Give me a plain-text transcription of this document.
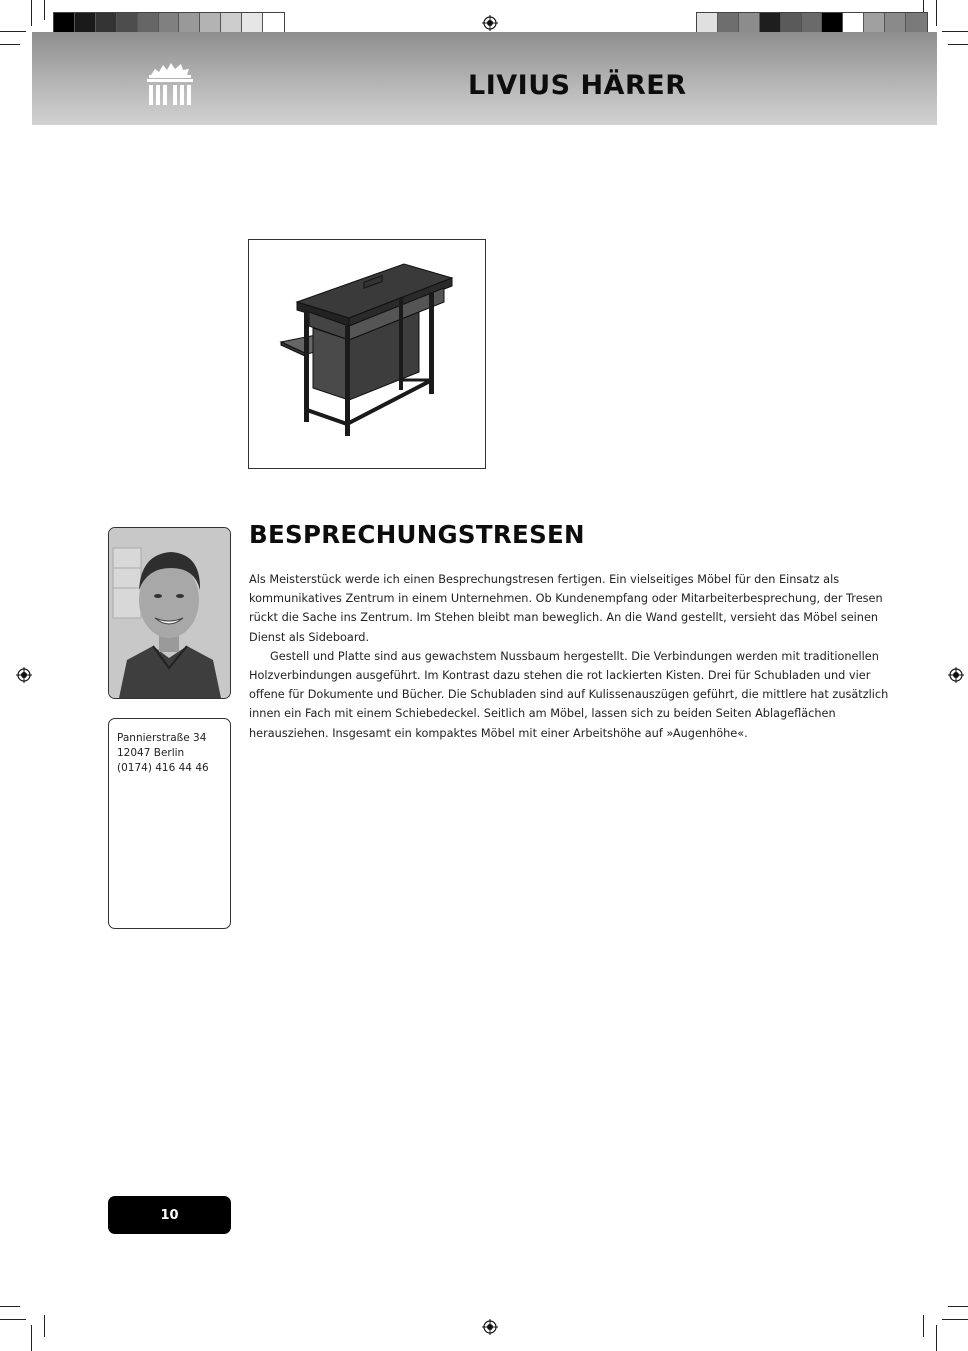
LIVIUS HÄRER
Pannierstraße 34
12047 Berlin
(0174) 416 44 46
BESPRECHUNGSTRESEN

Als Meisterstück werde ich einen Besprechungstresen fertigen. Ein vielseitiges Möbel für den Einsatz als kommunikatives Zentrum in einem Unternehmen. Ob Kundenempfang oder Mitarbeiterbesprechung, der Tresen rückt die Sache ins Zentrum. Im Stehen bleibt man beweglich. An die Wand gestellt, versieht das Möbel seinen Dienst als Sideboard.

Gestell und Platte sind aus gewachstem Nussbaum hergestellt. Die Verbindungen werden mit traditionellen Holzverbindungen ausgeführt. Im Kontrast dazu stehen die rot lackierten Kisten. Drei für Schubladen und vier offene für Dokumente und Bücher. Die Schubladen sind auf Kulissenauszügen geführt, die mittlere hat zusätzlich innen ein Fach mit einem Schiebedeckel. Seitlich am Möbel, lassen sich zu beiden Seiten Ablageflächen herausziehen. Insgesamt ein kompaktes Möbel mit einer Arbeitshöhe auf »Augenhöhe«.

10
